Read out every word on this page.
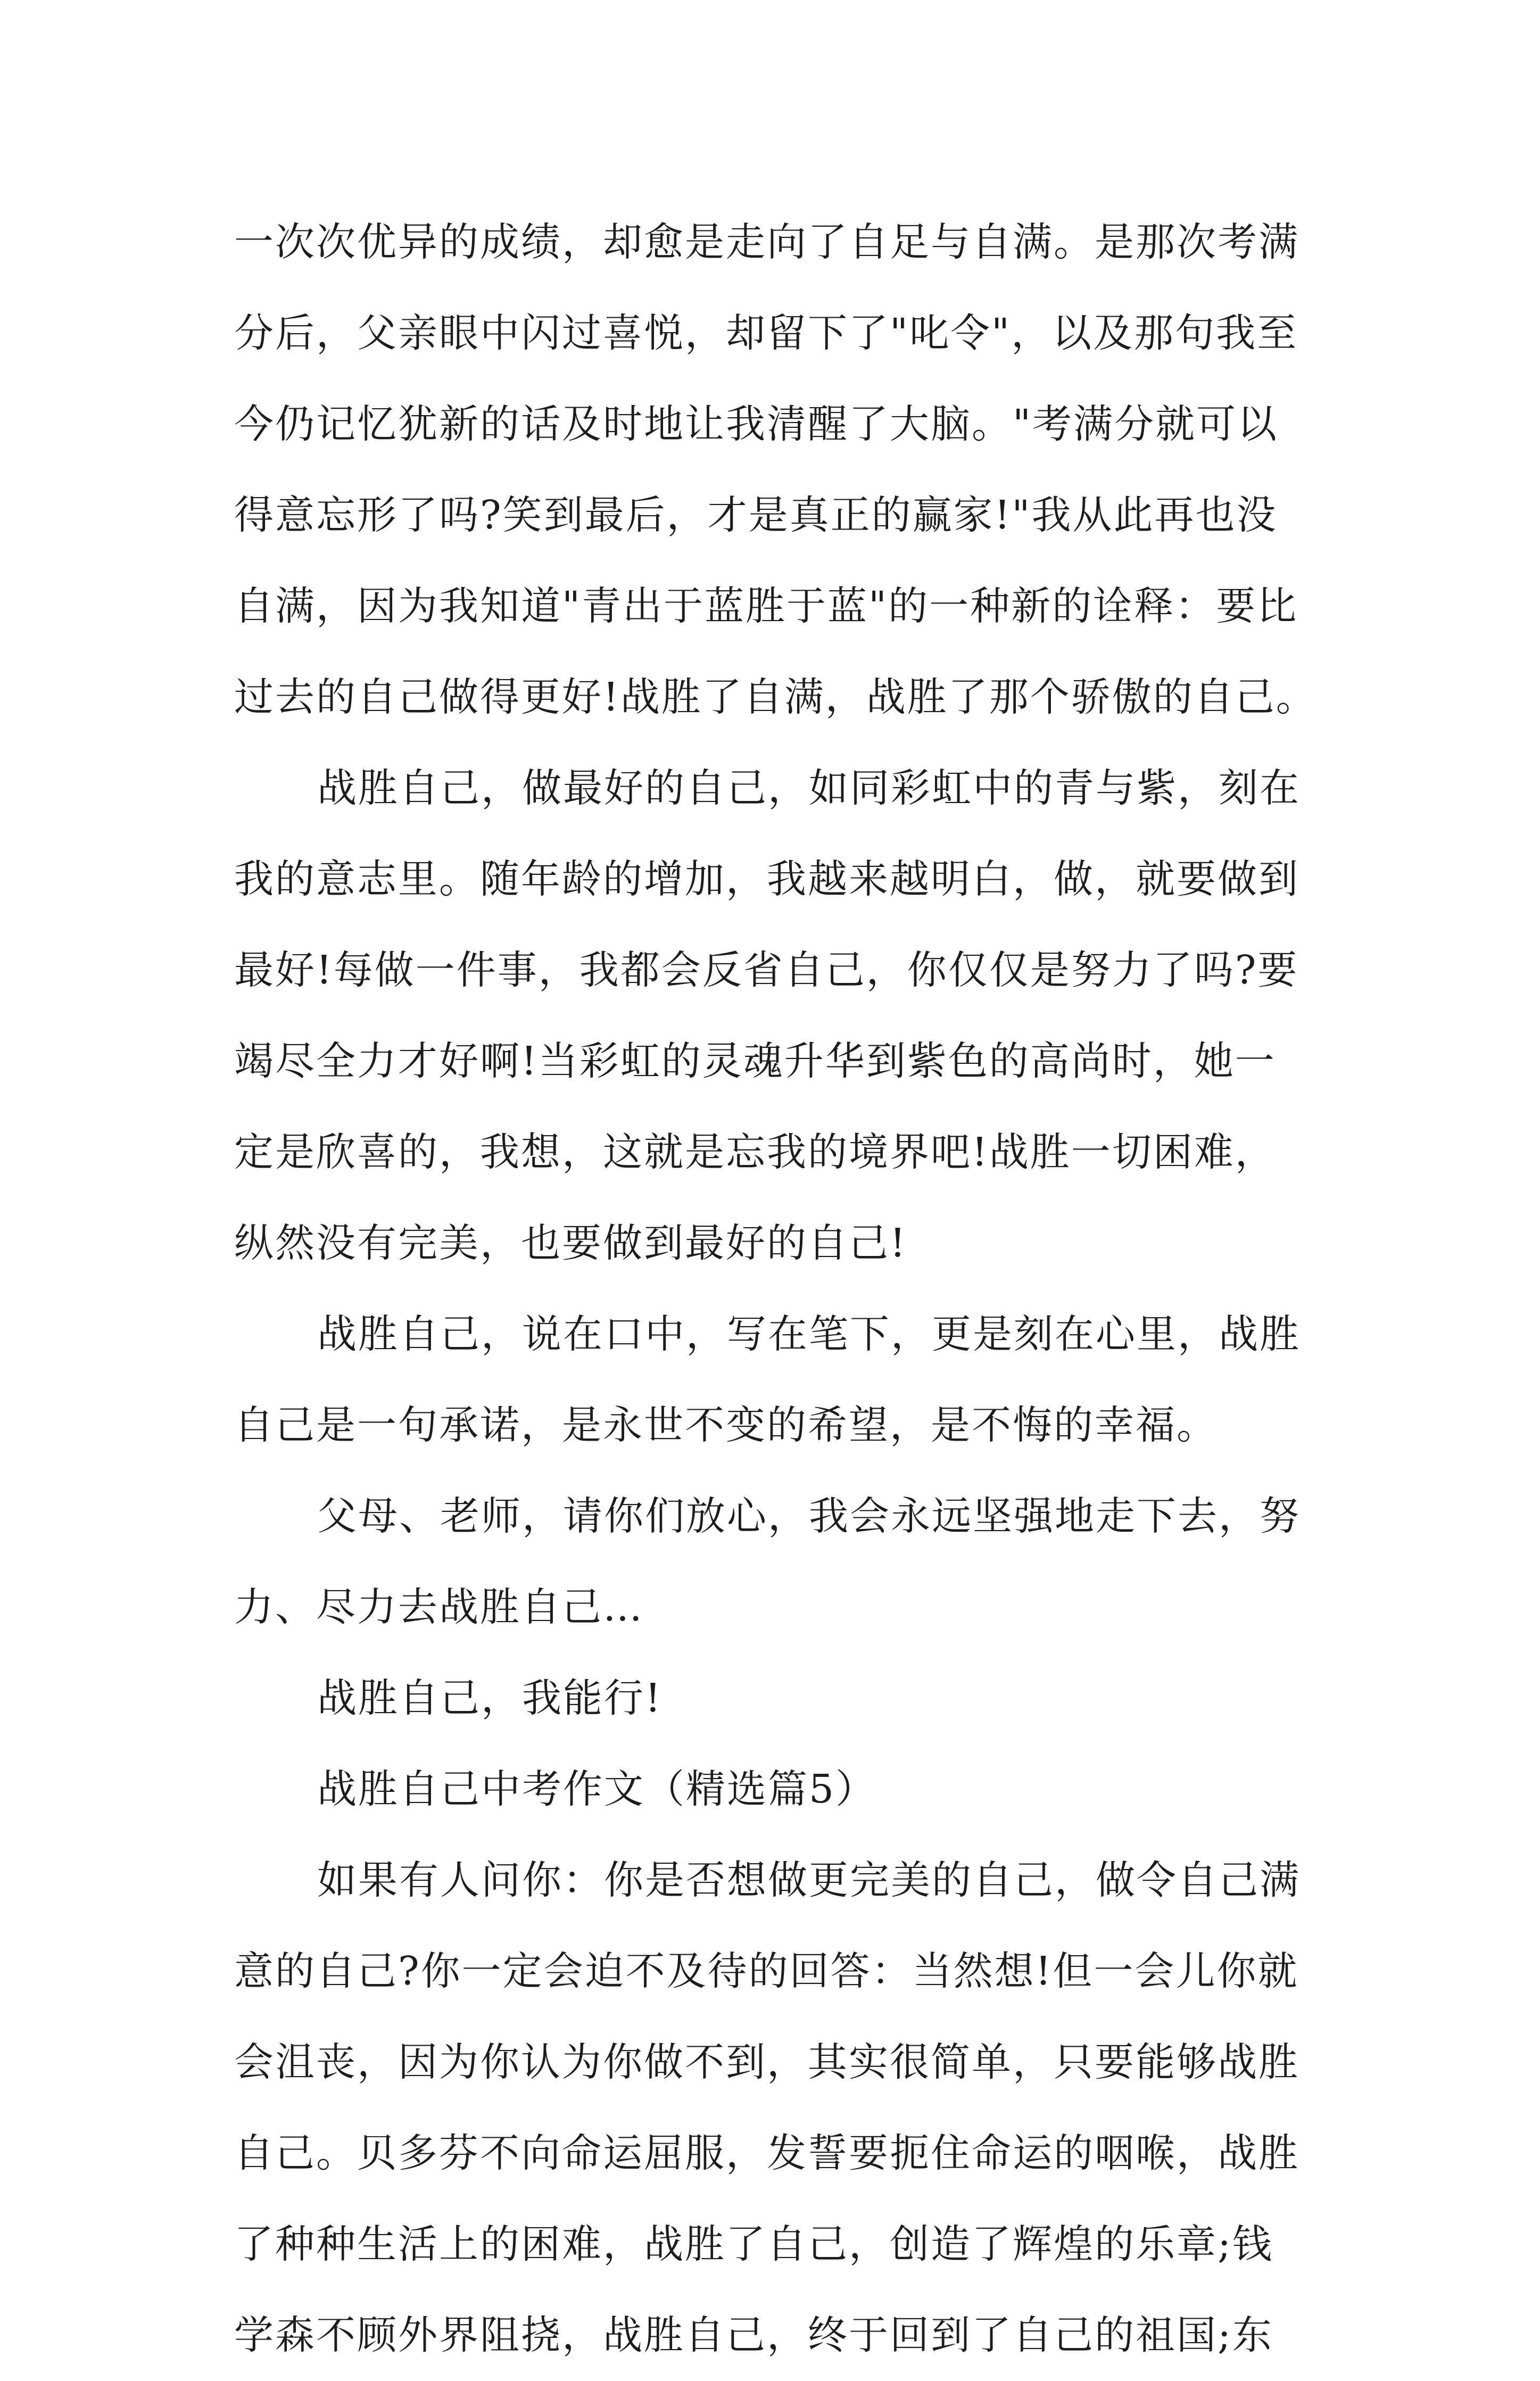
一次次优异的成绩，却愈是走向了自足与自满。是那次考满
分后，父亲眼中闪过喜悦，却留下了"叱令"，以及那句我至
今仍记忆犹新的话及时地让我清醒了大脑。"考满分就可以
得意忘形了吗?笑到最后，才是真正的赢家!"我从此再也没
自满，因为我知道"青出于蓝胜于蓝"的一种新的诠释：要比
过去的自己做得更好!战胜了自满，战胜了那个骄傲的自己。
战胜自己，做最好的自己，如同彩虹中的青与紫，刻在
我的意志里。随年龄的增加，我越来越明白，做，就要做到
最好!每做一件事，我都会反省自己，你仅仅是努力了吗?要
竭尽全力才好啊!当彩虹的灵魂升华到紫色的高尚时，她一
定是欣喜的，我想，这就是忘我的境界吧!战胜一切困难，
纵然没有完美，也要做到最好的自己!
战胜自己，说在口中，写在笔下，更是刻在心里，战胜
自己是一句承诺，是永世不变的希望，是不悔的幸福。
父母、老师，请你们放心，我会永远坚强地走下去，努
力、尽力去战胜自己…
战胜自己，我能行!
战胜自己中考作文（精选篇5）
如果有人问你：你是否想做更完美的自己，做令自己满
意的自己?你一定会迫不及待的回答：当然想!但一会儿你就
会沮丧，因为你认为你做不到，其实很简单，只要能够战胜
自己。贝多芬不向命运屈服，发誓要扼住命运的咽喉，战胜
了种种生活上的困难，战胜了自己，创造了辉煌的乐章;钱
学森不顾外界阻挠，战胜自己，终于回到了自己的祖国;东
